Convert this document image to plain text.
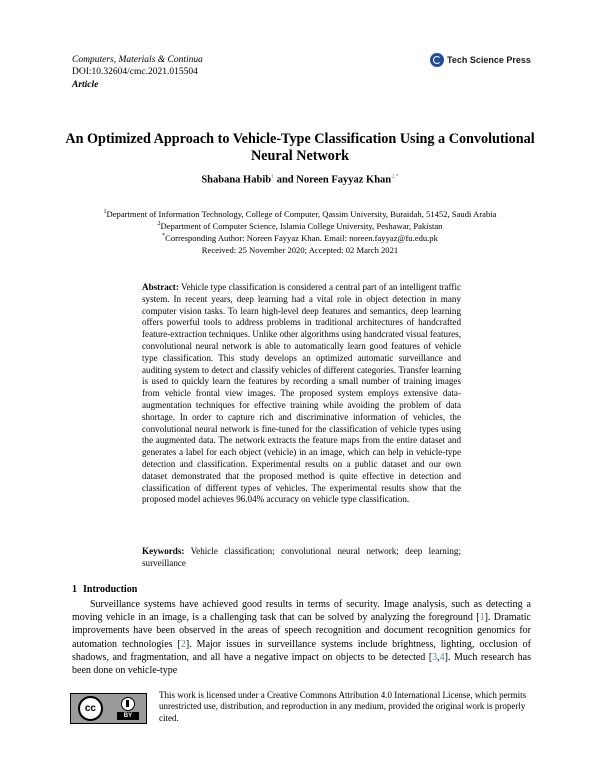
Computers, Materials & Continua
DOI:10.32604/cmc.2021.015504
Article
Tech Science Press
An Optimized Approach to Vehicle-Type Classification Using a Convolutional
Neural Network
Shabana Habib$^1$ and Noreen Fayyaz Khan$^{2,*}$
$^1$Department of Information Technology, College of Computer, Qassim University, Buraidah, 51452, Saudi Arabia
$^2$Department of Computer Science, Islamia College University, Peshawar, Pakistan
*Corresponding Author: Noreen Fayyaz Khan. Email: noreen.fayyaz@fu.edu.pk
Received: 25 November 2020; Accepted: 02 March 2021
Abstract: Vehicle type classification is considered a central part of an intelligent traffic system. In recent years, deep learning had a vital role in object detection in many computer vision tasks. To learn high-level deep features and semantics, deep learning offers powerful tools to address problems in traditional architectures of handcrafted feature-extraction techniques. Unlike other algorithms using handcrated visual features, convolutional neural network is able to automatically learn good features of vehicle type classification. This study develops an optimized automatic surveillance and auditing system to detect and classify vehicles of different categories. Transfer learning is used to quickly learn the features by recording a small number of training images from vehicle frontal view images. The proposed system employs extensive data-augmentation techniques for effective training while avoiding the problem of data shortage. In order to capture rich and discriminative information of vehicles, the convolutional neural network is fine-tuned for the classification of vehicle types using the augmented data. The network extracts the feature maps from the entire dataset and generates a label for each object (vehicle) in an image, which can help in vehicle-type detection and classification. Experimental results on a public dataset and our own dataset demonstrated that the proposed method is quite effective in detection and classification of different types of vehicles. The experimental results show that the proposed model achieves 96.04% accuracy on vehicle type classification.
Keywords: Vehicle classification; convolutional neural network; deep learning; surveillance
1 Introduction
Surveillance systems have achieved good results in terms of security. Image analysis, such as detecting a moving vehicle in an image, is a challenging task that can be solved by analyzing the foreground [1]. Dramatic improvements have been observed in the areas of speech recognition and document recognition genomics for automation technologies [2]. Major issues in surveillance systems include brightness, lighting, occlusion of shadows, and fragmentation, and all have a negative impact on objects to be detected [3,4]. Much research has been done on vehicle-type
cc
BY
This work is licensed under a Creative Commons Attribution 4.0 International License, which permits unrestricted use, distribution, and reproduction in any medium, provided the original work is properly cited.
